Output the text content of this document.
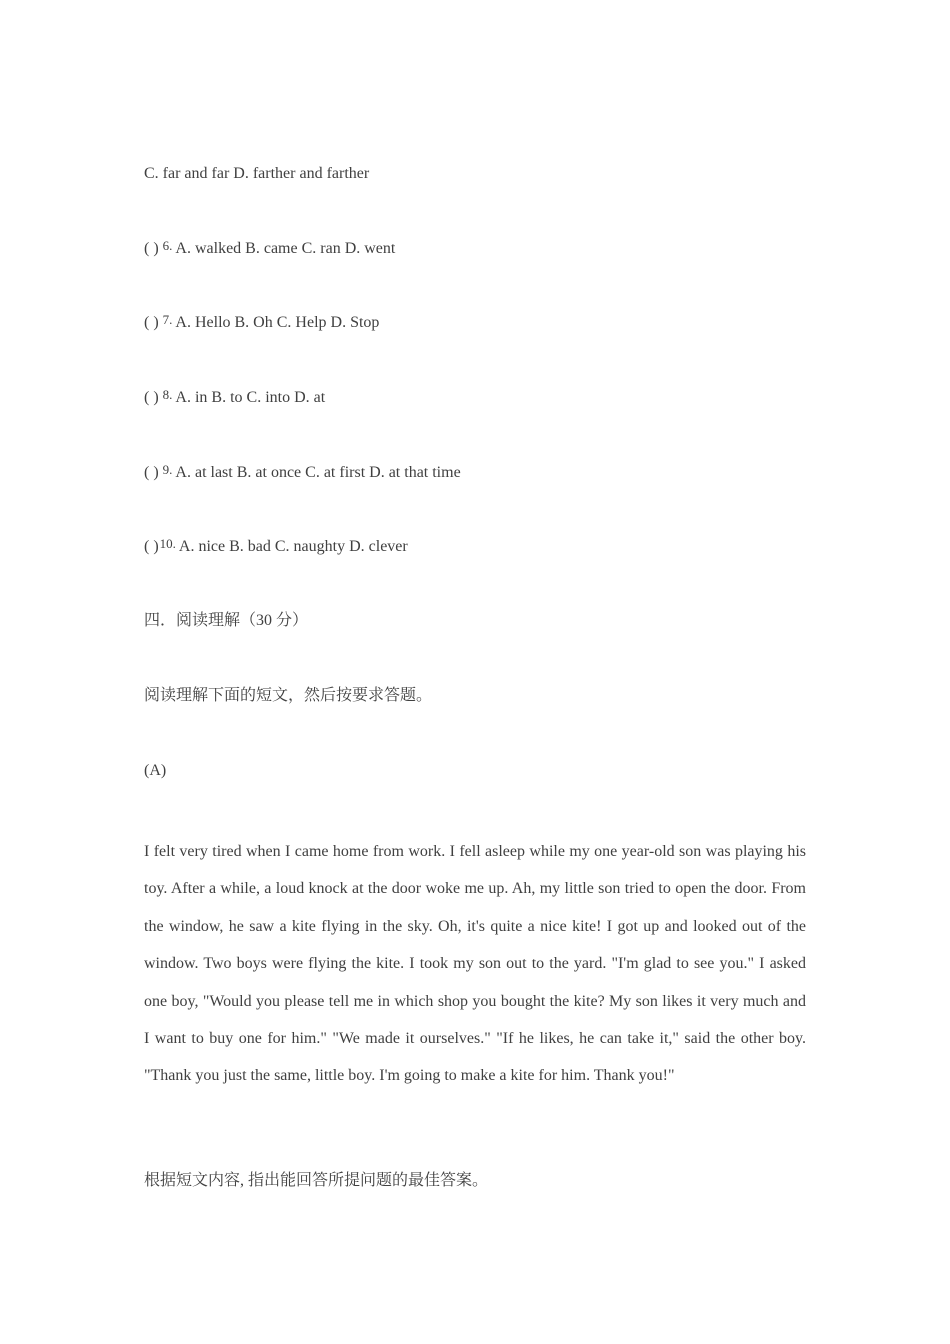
C. far and far D. farther and farther
( ) 6. A. walked B. came C. ran D. went
( ) 7. A. Hello B. Oh C. Help D. Stop
( ) 8. A. in B. to C. into D. at
( ) 9. A. at last B. at once C. at first D. at that time
( )10. A. nice B. bad C. naughty D. clever
四．阅读理解（30 分）
阅读理解下面的短文，然后按要求答题。
(A)
I felt very tired when I came home from work. I fell asleep while my one year-old son was playing his toy. After a while, a loud knock at the door woke me up. Ah, my little son tried to open the door. From the window, he saw a kite flying in the sky. Oh, it's quite a nice kite! I got up and looked out of the window. Two boys were flying the kite. I took my son out to the yard. "I'm glad to see you." I asked one boy, "Would you please tell me in which shop you bought the kite? My son likes it very much and I want to buy one for him." "We made it ourselves." "If he likes, he can take it," said the other boy. "Thank you just the same, little boy. I'm going to make a kite for him. Thank you!"
根据短文内容, 指出能回答所提问题的最佳答案。
